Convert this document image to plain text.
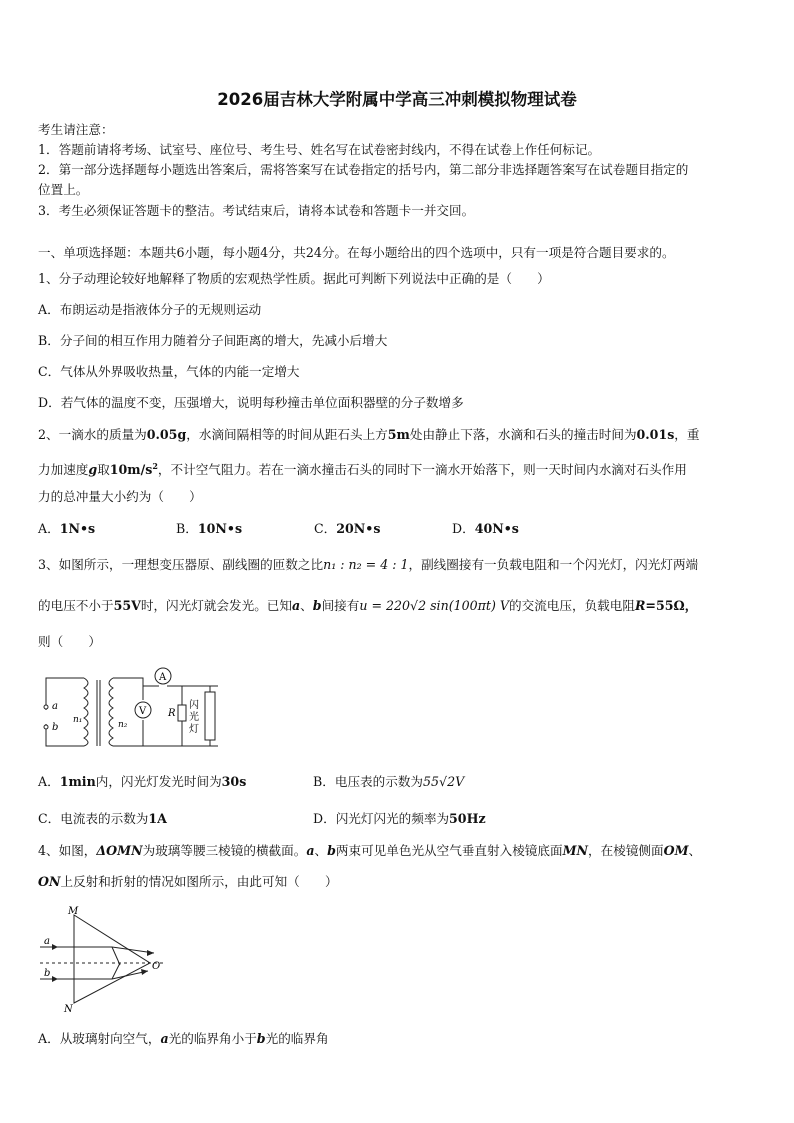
2026届吉林大学附属中学高三冲刺模拟物理试卷
考生请注意：
1．答题前请将考场、试室号、座位号、考生号、姓名写在试卷密封线内，不得在试卷上作任何标记。
2．第一部分选择题每小题选出答案后，需将答案写在试卷指定的括号内，第二部分非选择题答案写在试卷题目指定的
位置上。
3．考生必须保证答题卡的整洁。考试结束后，请将本试卷和答题卡一并交回。
一、单项选择题：本题共6小题，每小题4分，共24分。在每小题给出的四个选项中，只有一项是符合题目要求的。
1、分子动理论较好地解释了物质的宏观热学性质。据此可判断下列说法中正确的是（　　）
A．布朗运动是指液体分子的无规则运动
B．分子间的相互作用力随着分子间距离的增大，先减小后增大
C．气体从外界吸收热量，气体的内能一定增大
D．若气体的温度不变，压强增大，说明每秒撞击单位面积器壁的分子数增多
2、一滴水的质量为0.05g，水滴间隔相等的时间从距石头上方5m处由静止下落，水滴和石头的撞击时间为0.01s，重
力加速度g取$10m/s^2$，不计空气阻力。若在一滴水撞击石头的同时下一滴水开始落下，则一天时间内水滴对石头作用
力的总冲量大小约为（　　）
A．1N•s	B．10N•s	C．20N•s	D．40N•s
3、如图所示，一理想变压器原、副线圈的匝数之比n₁ : n₂ = 4 : 1，副线圈接有一负载电阻和一个闪光灯，闪光灯两端
的电压不小于55V时，闪光灯就会发光。已知a、b间接有u = 220√2 sin(100πt) V的交流电压，负载电阻R=55Ω，
则（　　）
a
b
n₁	n₂
A
V R
闪
光
灯
A．1min内，闪光灯发光时间为30s	B．电压表的示数为55√2V
C．电流表的示数为1A	D．闪光灯闪光的频率为50Hz
4、如图，ΔOMN为玻璃等腰三棱镜的横截面。a、b两束可见单色光从空气垂直射入棱镜底面MN，在棱镜侧面OM、
ON上反射和折射的情况如图所示，由此可知（　　）
M
N
O
a
b
A．从玻璃射向空气，a光的临界角小于b光的临界角
